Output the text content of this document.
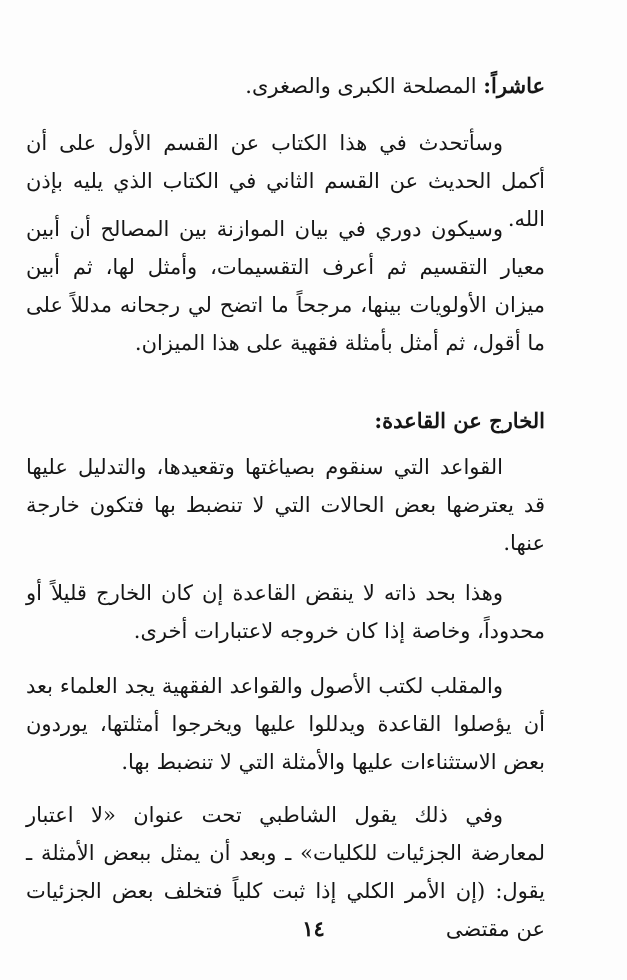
عاشراً: المصلحة الكبرى والصغرى.

وسأتحدث في هذا الكتاب عن القسم الأول على أن أكمل الحديث عن القسم الثاني في الكتاب الذي يليه بإذن الله.

وسيكون دوري في بيان الموازنة بين المصالح أن أبين معيار التقسيم ثم أعرف التقسيمات، وأمثل لها، ثم أبين ميزان الأولويات بينها، مرجحاً ما اتضح لي رجحانه مدللاً على ما أقول، ثم أمثل بأمثلة فقهية على هذا الميزان.

الخارج عن القاعدة:

القواعد التي سنقوم بصياغتها وتقعيدها، والتدليل عليها قد يعترضها بعض الحالات التي لا تنضبط بها فتكون خارجة عنها.

وهذا بحد ذاته لا ينقض القاعدة إن كان الخارج قليلاً أو محدوداً، وخاصة إذا كان خروجه لاعتبارات أخرى.

والمقلب لكتب الأصول والقواعد الفقهية يجد العلماء بعد أن يؤصلوا القاعدة ويدللوا عليها ويخرجوا أمثلتها، يوردون بعض الاستثناءات عليها والأمثلة التي لا تنضبط بها.

وفي ذلك يقول الشاطبي تحت عنوان «لا اعتبار لمعارضة الجزئيات للكليات» ـ وبعد أن يمثل ببعض الأمثلة ـ يقول: (إن الأمر الكلي إذا ثبت كلياً فتخلف بعض الجزئيات عن مقتضى

١٤
